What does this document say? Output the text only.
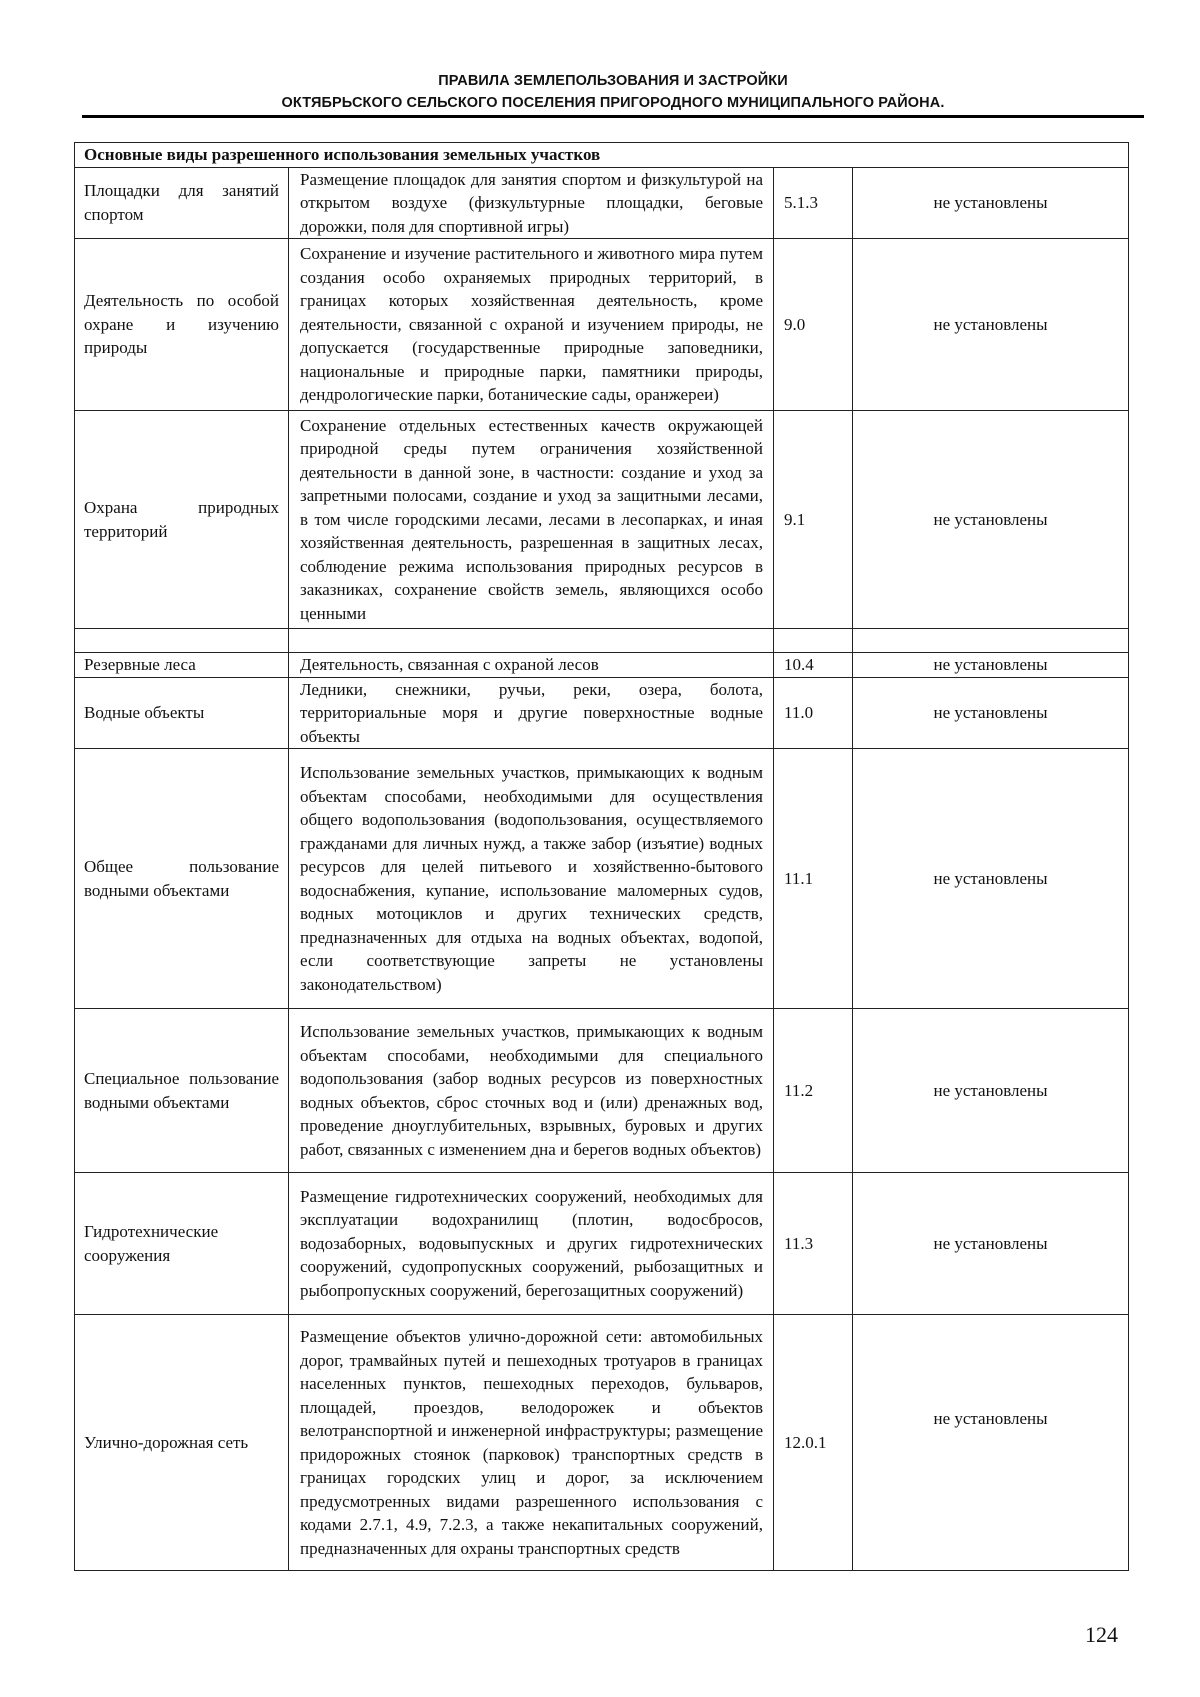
ПРАВИЛА ЗЕМЛЕПОЛЬЗОВАНИЯ И ЗАСТРОЙКИ
ОКТЯБРЬСКОГО СЕЛЬСКОГО ПОСЕЛЕНИЯ ПРИГОРОДНОГО МУНИЦИПАЛЬНОГО РАЙОНА.
Основные виды разрешенного использования земельных участков			
Площадки для занятий спортом	Размещение площадок для занятия спортом и физкультурой на открытом воздухе (физкультурные площадки, беговые дорожки, поля для спортивной игры)	5.1.3	не установлены
Деятельность по особой охране и изучению природы	Сохранение и изучение растительного и животного мира путем создания особо охраняемых природных территорий, в границах которых хозяйственная деятельность, кроме деятельности, связанной с охраной и изучением природы, не допускается (государственные природные заповедники, национальные и природные парки, памятники природы, дендрологические парки, ботанические сады, оранжереи)	9.0	не установлены
Охрана природных территорий	Сохранение отдельных естественных качеств окружающей природной среды путем ограничения хозяйственной деятельности в данной зоне, в частности: создание и уход за запретными полосами, создание и уход за защитными лесами, в том числе городскими лесами, лесами в лесопарках, и иная хозяйственная деятельность, разрешенная в защитных лесах, соблюдение режима использования природных ресурсов в заказниках, сохранение свойств земель, являющихся особо ценными	9.1	не установлены

Резервные леса	Деятельность, связанная с охраной лесов	10.4	не установлены
Водные объекты	Ледники, снежники, ручьи, реки, озера, болота, территориальные моря и другие поверхностные водные объекты	11.0	не установлены
Общее пользование водными объектами	Использование земельных участков, примыкающих к водным объектам способами, необходимыми для осуществления общего водопользования (водопользования, осуществляемого гражданами для личных нужд, а также забор (изъятие) водных ресурсов для целей питьевого и хозяйственно-бытового водоснабжения, купание, использование маломерных судов, водных мотоциклов и других технических средств, предназначенных для отдыха на водных объектах, водопой, если соответствующие запреты не установлены законодательством)	11.1	не установлены
Специальное пользование водными объектами	Использование земельных участков, примыкающих к водным объектам способами, необходимыми для специального водопользования (забор водных ресурсов из поверхностных водных объектов, сброс сточных вод и (или) дренажных вод, проведение дноуглубительных, взрывных, буровых и других работ, связанных с изменением дна и берегов водных объектов)	11.2	не установлены
Гидротехнические сооружения	Размещение гидротехнических сооружений, необходимых для эксплуатации водохранилищ (плотин, водосбросов, водозаборных, водовыпускных и других гидротехнических сооружений, судопропускных сооружений, рыбозащитных и рыбопропускных сооружений, берегозащитных сооружений)	11.3	не установлены
Улично-дорожная сеть	Размещение объектов улично-дорожной сети: автомобильных дорог, трамвайных путей и пешеходных тротуаров в границах населенных пунктов, пешеходных переходов, бульваров, площадей, проездов, велодорожек и объектов велотранспортной и инженерной инфраструктуры; размещение придорожных стоянок (парковок) транспортных средств в границах городских улиц и дорог, за исключением предусмотренных видами разрешенного использования с кодами 2.7.1, 4.9, 7.2.3, а также некапитальных сооружений, предназначенных для охраны транспортных средств	12.0.1	не установлены
124
